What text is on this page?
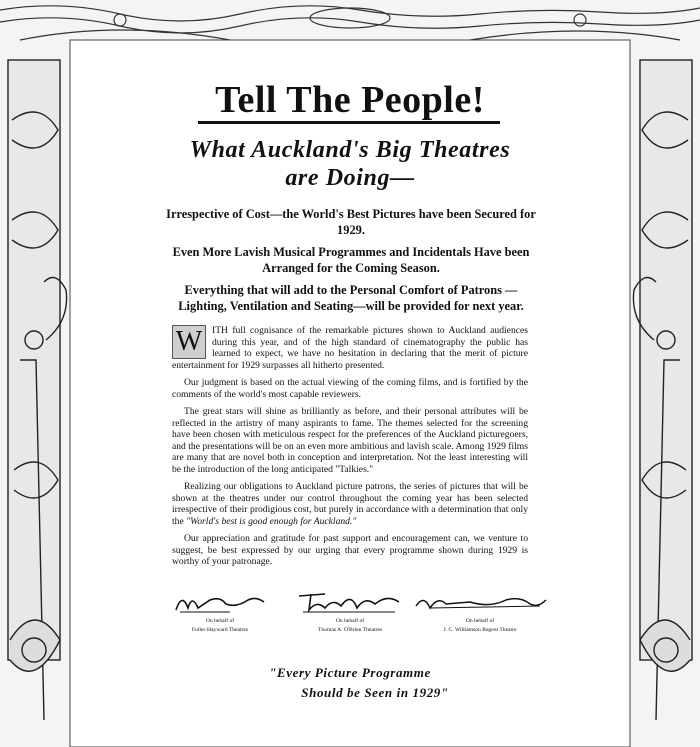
Tell The People!
What Auckland's Big Theatres
are Doing—

Irrespective of Cost—the World's Best Pictures have been Secured for 1929.

Even More Lavish Musical Programmes and Incidentals Have been Arranged for the Coming Season.

Everything that will add to the Personal Comfort of Patrons —Lighting, Ventilation and Seating—will be provided for next year.

W	ITH full cognisance of the remarkable pictures shown to Auckland audiences during this year, and of the high standard of cinematography the public has learned to expect, we have no hesitation in declaring that the merit of picture entertainment for 1929 surpasses all hitherto presented.

Our judgment is based on the actual viewing of the coming films, and is fortified by the comments of the world's most capable reviewers.

The great stars will shine as brilliantly as before, and their personal attributes will be reflected in the artistry of many aspirants to fame. The themes selected for the screening have been chosen with meticulous respect for the preferences of the Auckland picturegoers, and the presentations will be on an even more ambitious and lavish scale. Among 1929 films are many that are novel both in conception and interpretation. Not the least interesting will be the introduction of the long anticipated "Talkies."

Realizing our obligations to Auckland picture patrons, the series of pictures that will be shown at the theatres under our control throughout the coming year has been selected irrespective of their prodigious cost, but purely in accordance with a determination that only the "World's best is good enough for Auckland."

Our appreciation and gratitude for past support and encouragement can, we venture to suggest, be best expressed by our urging that every programme shown during 1929 is worthy of your patronage.

On behalf of
Fuller-Hayward Theatres
On behalf of
Thomas A. O'Brien Theatres
On behalf of
J. C. Williamson Regent Theatre
"Every Picture Programme
Should be Seen in 1929"
